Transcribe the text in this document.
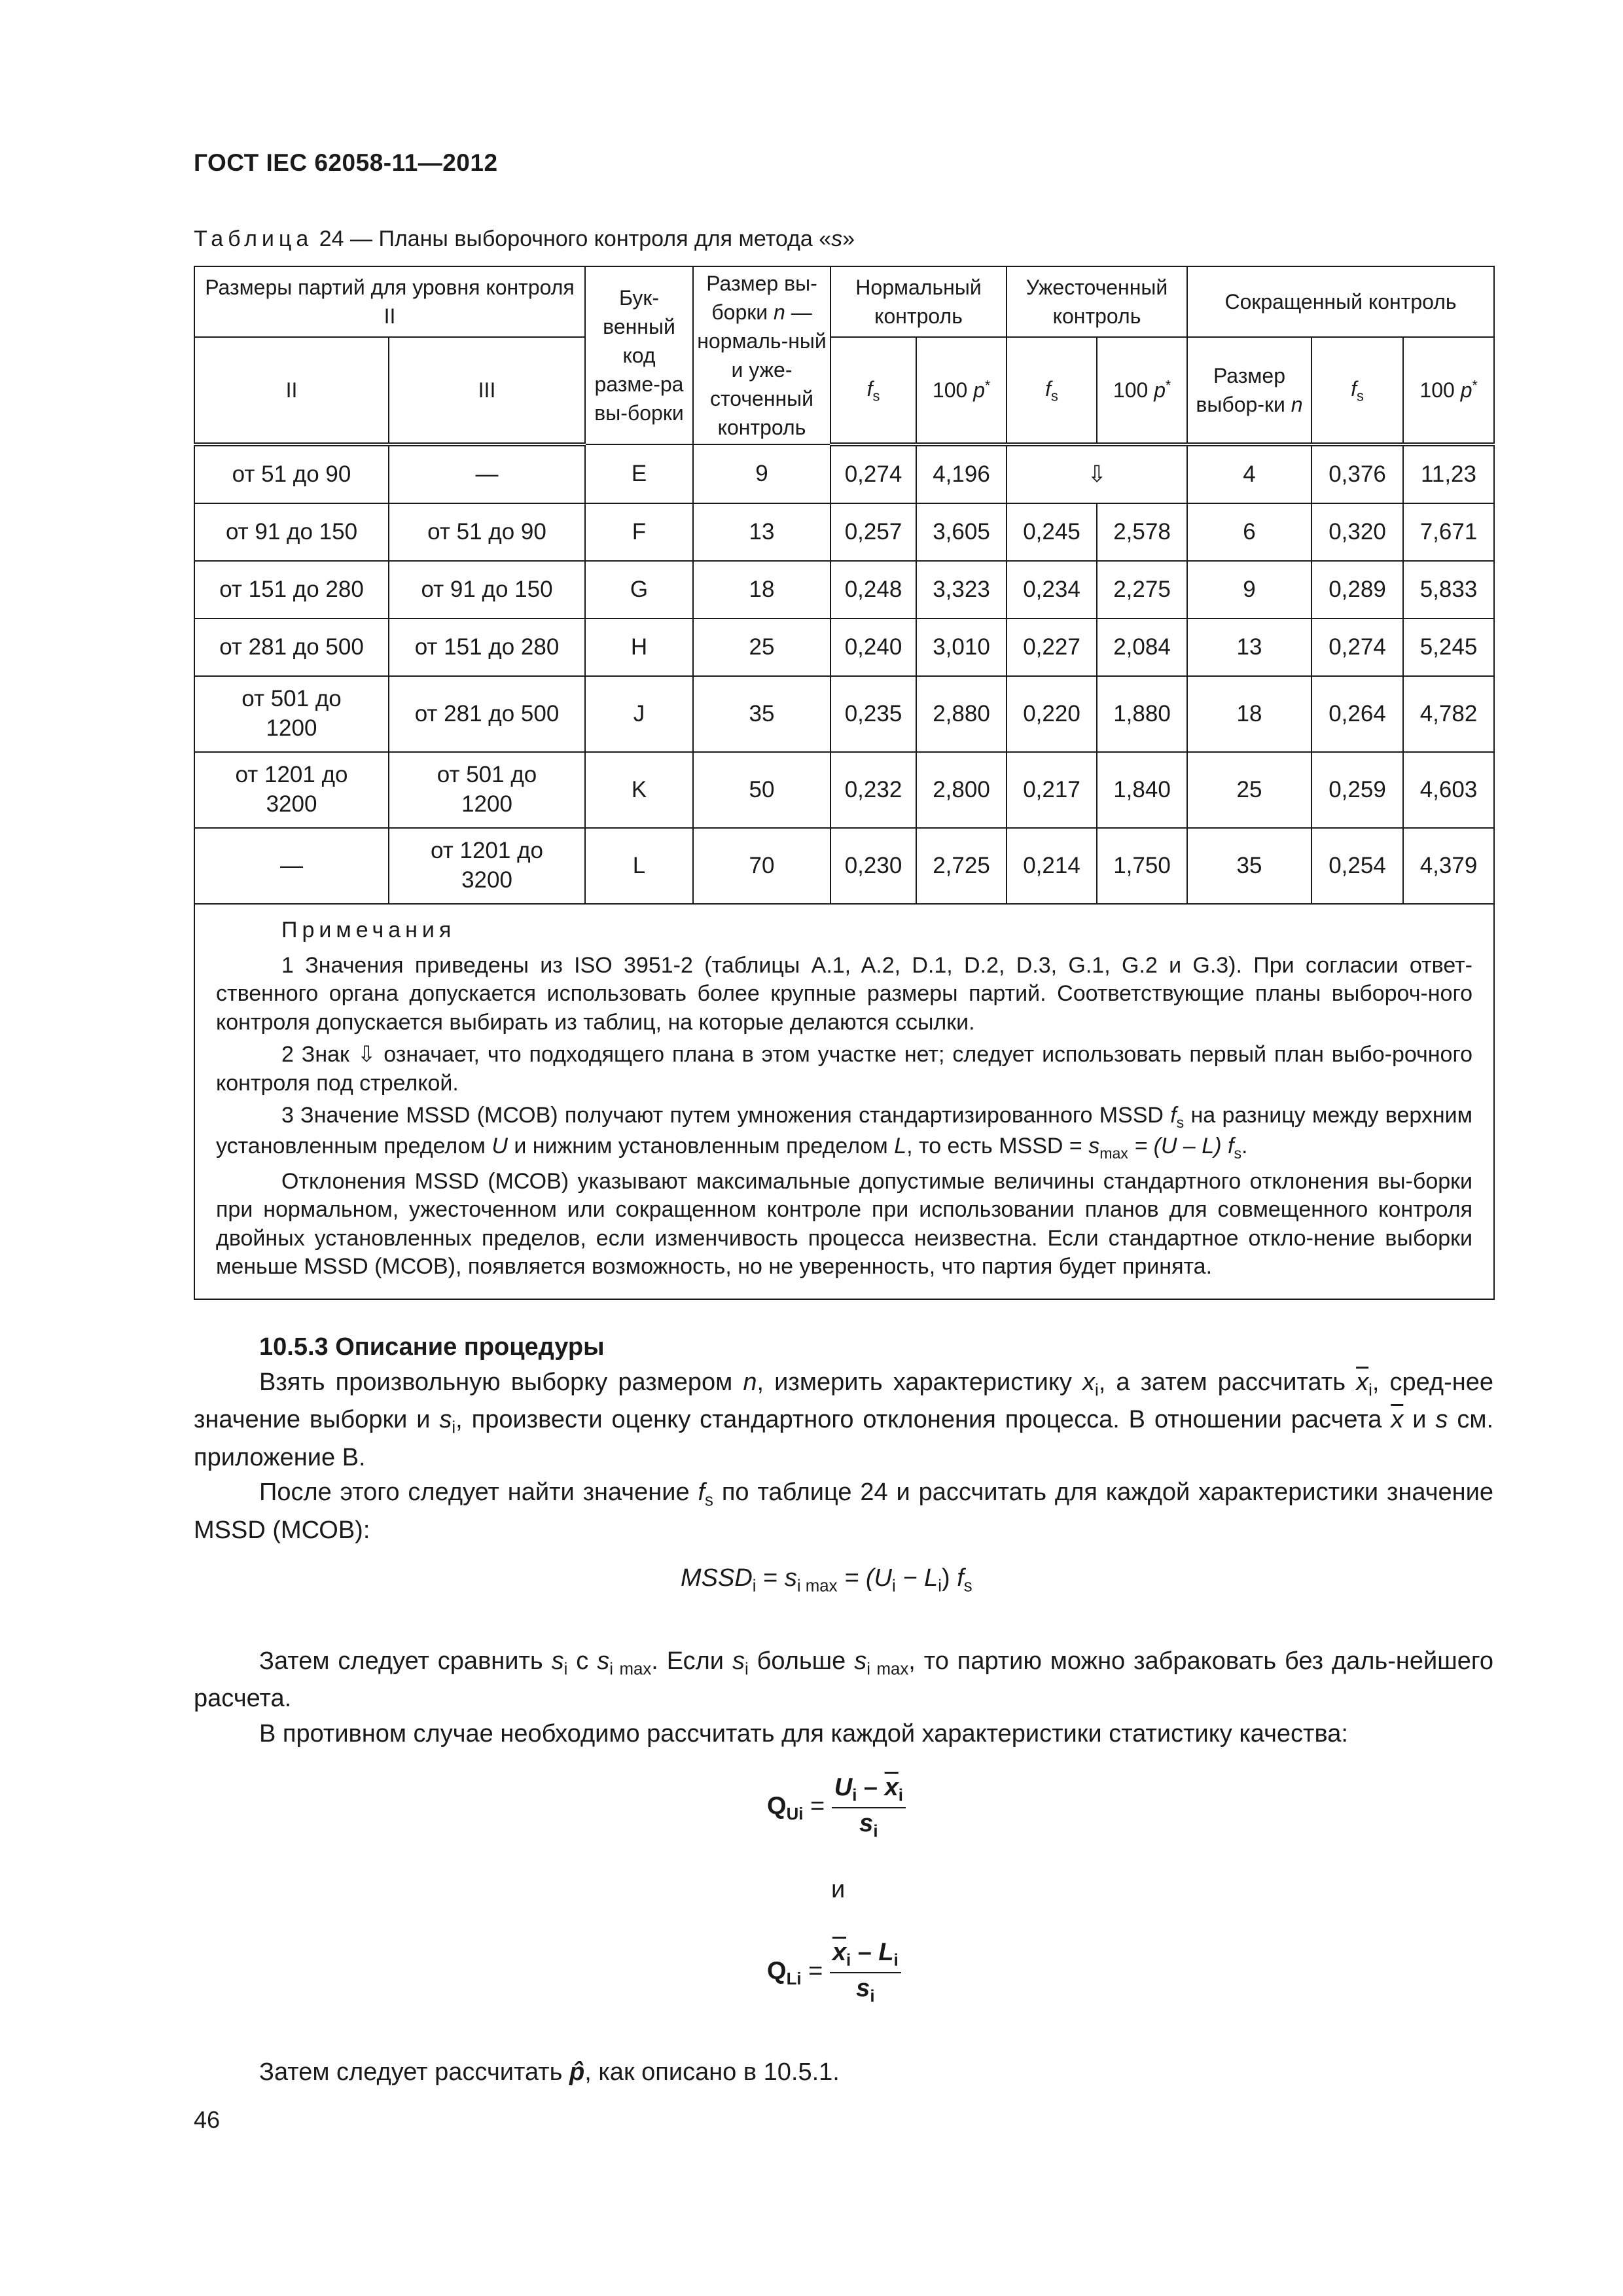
ГОСТ IEC 62058-11—2012
Таблица 24 — Планы выборочного контроля для метода «s»
Размеры партий для уровня контроля II		Бук-венный код разме-ра вы-борки	Размер вы-борки n — нормаль-ный и уже-сточенный контроль	Нормальный контроль		Ужесточенный контроль		Сокращенный контроль		
II	III			$f_s$	100 p*	$f_s$	100 p*	Размер выбор-ки n	$f_s$	100 p*
от 51 до 90	—	E	9	0,274	4,196	⇩		4	0,376	11,23
от 91 до 150	от 51 до 90	F	13	0,257	3,605	0,245	2,578	6	0,320	7,671
от 151 до 280	от 91 до 150	G	18	0,248	3,323	0,234	2,275	9	0,289	5,833
от 281 до 500	от 151 до 280	H	25	0,240	3,010	0,227	2,084	13	0,274	5,245
от 501 до 1200	от 281 до 500	J	35	0,235	2,880	0,220	1,880	18	0,264	4,782
от 1201 до 3200	от 501 до 1200	K	50	0,232	2,800	0,217	1,840	25	0,259	4,603
—	от 1201 до 3200	L	70	0,230	2,725	0,214	1,750	35	0,254	4,379

Примечания
1 Значения приведены из ISO 3951-2 (таблицы A.1, A.2, D.1, D.2, D.3, G.1, G.2 и G.3). При согласии ответ-ственного органа допускается использовать более крупные размеры партий. Соответствующие планы выбороч-ного контроля допускается выбирать из таблиц, на которые делаются ссылки.
2 Знак ⇩ означает, что подходящего плана в этом участке нет; следует использовать первый план выбо-рочного контроля под стрелкой.
3 Значение MSSD (МСОВ) получают путем умножения стандартизированного MSSD $f_s$ на разницу между верхним установленным пределом U и нижним установленным пределом L, то есть MSSD = $s_{max} = (U - L)$ $f_s$.
Отклонения MSSD (МСОВ) указывают максимальные допустимые величины стандартного отклонения вы-борки при нормальном, ужесточенном или сокращенном контроле при использовании планов для совмещенного контроля двойных установленных пределов, если изменчивость процесса неизвестна. Если стандартное откло-нение выборки меньше MSSD (МСОВ), появляется возможность, но не уверенность, что партия будет принята.										
10.5.3 Описание процедуры
Взять произвольную выборку размером n, измерить характеристику $x_i$, а затем рассчитать $\overline{x}_i$, сред-нее значение выборки и $s_i$, произвести оценку стандартного отклонения процесса. В отношении расчета $\overline{x}$ и s см. приложение B.
После этого следует найти значение $f_s$ по таблице 24 и рассчитать для каждой характеристики значение MSSD (МСОВ):
$MSSD_i = s_{i max} = (U_i - L_i)$ $f_s$
Затем следует сравнить $s_i$ с $s_{i max}$. Если $s_i$ больше $s_{i max}$, то партию можно забраковать без даль-нейшего расчета.
В противном случае необходимо рассчитать для каждой характеристики статистику качества:
$Q_{Ui} = \frac{U_i - \overline{x}_i}{s_i}$
и
$Q_{Li} = \frac{\overline{x}_i - L_i}{s_i}$
Затем следует рассчитать p̂, как описано в 10.5.1.
46
